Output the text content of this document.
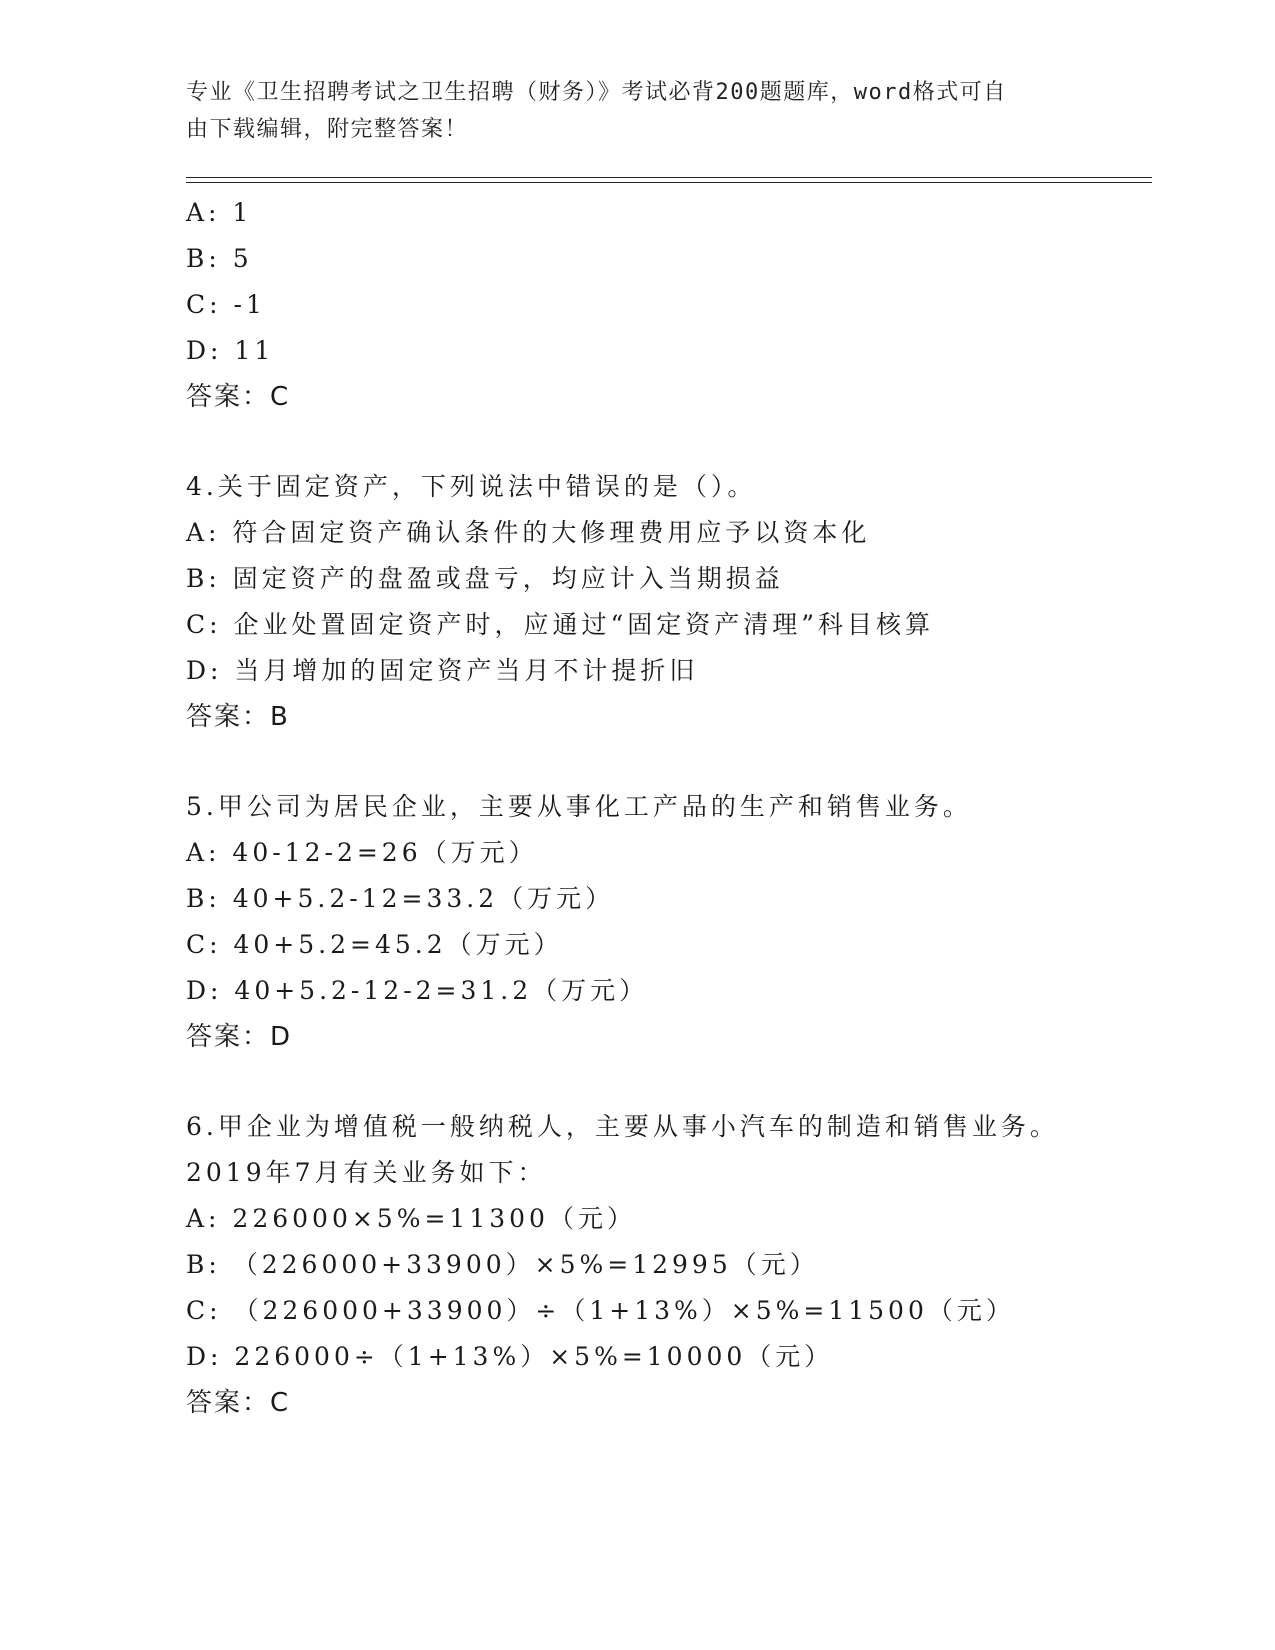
专业《卫生招聘考试之卫生招聘（财务）》考试必背200题题库，word格式可自
由下载编辑，附完整答案！
A: 1
B: 5
C: -1
D: 11
答案：C
4.关于固定资产，下列说法中错误的是（）。
A: 符合固定资产确认条件的大修理费用应予以资本化
B: 固定资产的盘盈或盘亏，均应计入当期损益
C: 企业处置固定资产时，应通过“固定资产清理”科目核算
D: 当月增加的固定资产当月不计提折旧
答案：B
5.甲公司为居民企业，主要从事化工产品的生产和销售业务。
A: 40-12-2=26（万元）
B: 40+5.2-12=33.2（万元）
C: 40+5.2=45.2（万元）
D: 40+5.2-12-2=31.2（万元）
答案：D
6.甲企业为增值税一般纳税人，主要从事小汽车的制造和销售业务。
2019年7月有关业务如下：
A: 226000×5%=11300（元）
B: （226000+33900）×5%=12995（元）
C: （226000+33900）÷（1+13%）×5%=11500（元）
D: 226000÷（1+13%）×5%=10000（元）
答案：C
